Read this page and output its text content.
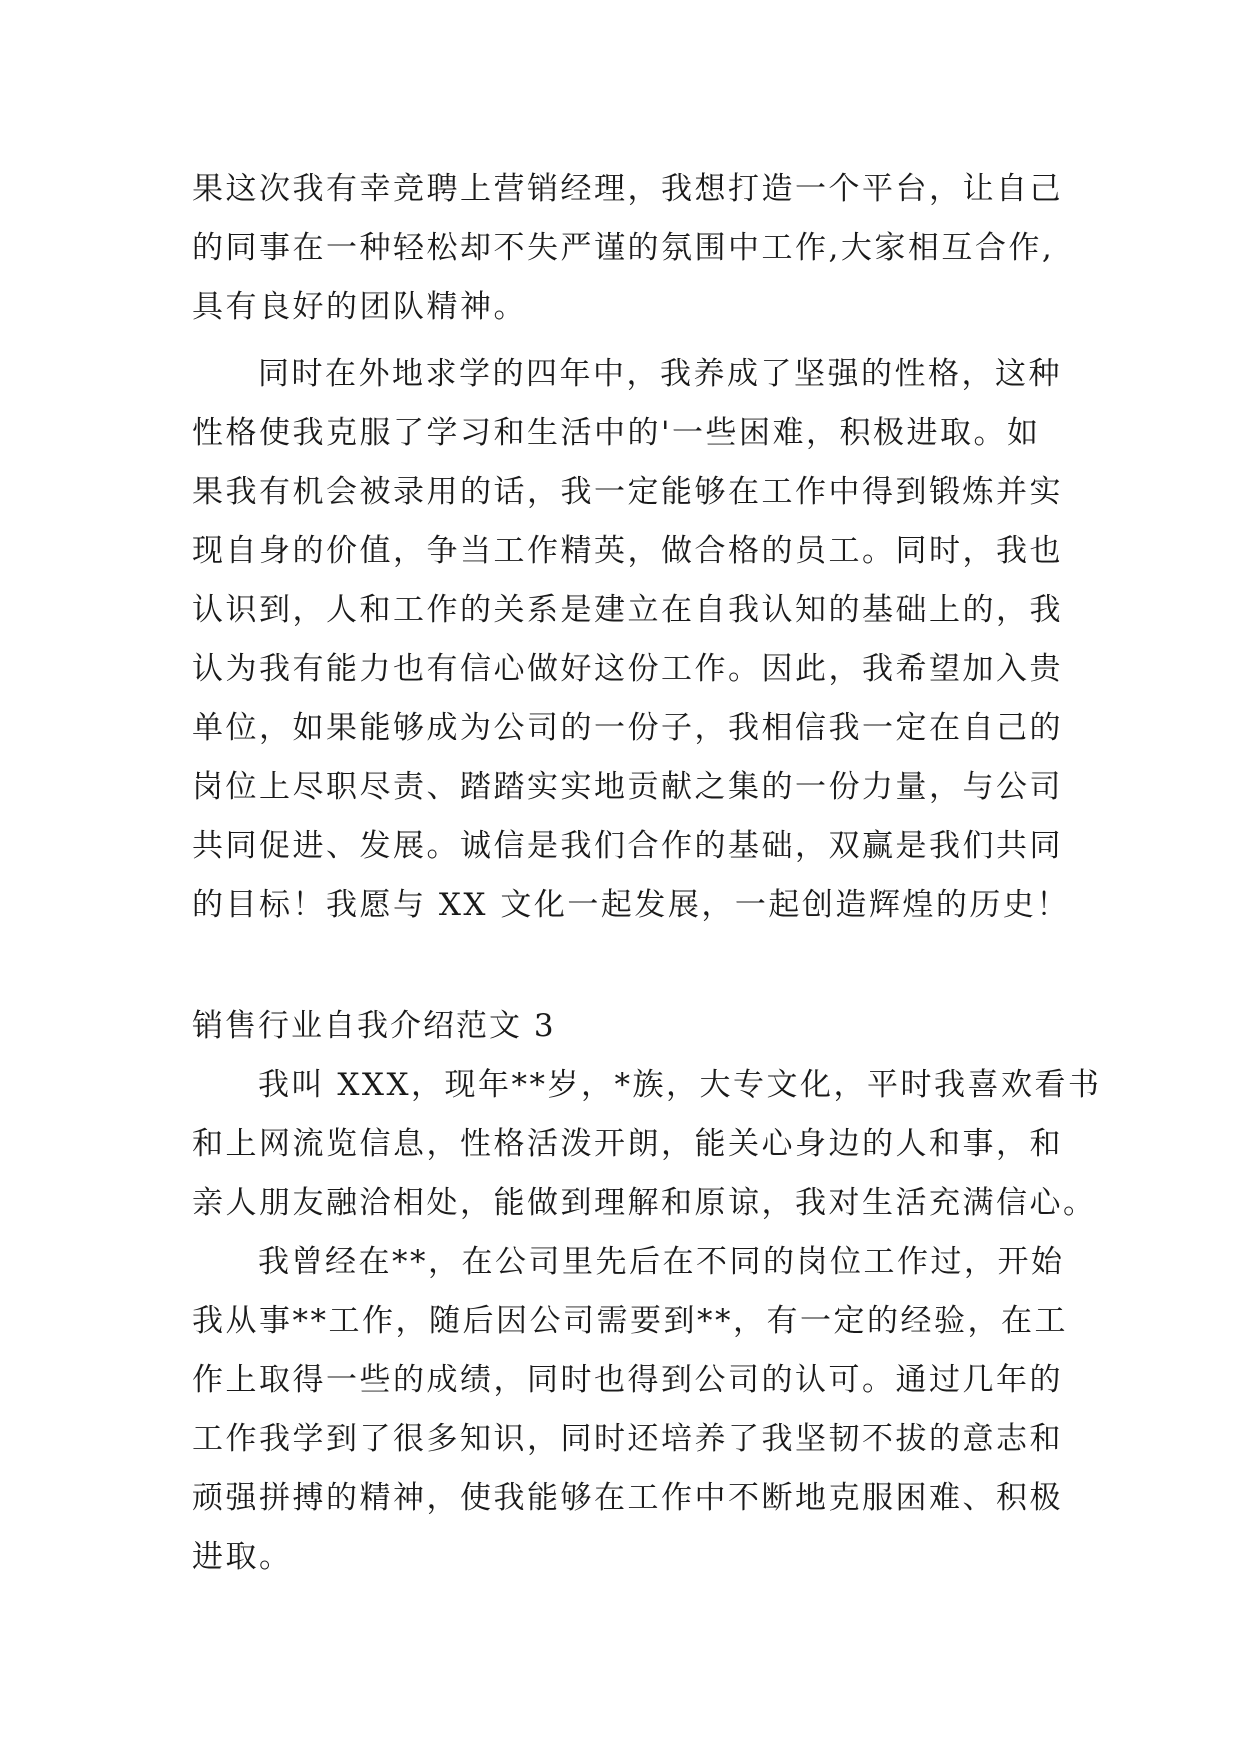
果这次我有幸竞聘上营销经理，我想打造一个平台，让自己
的同事在一种轻松却不失严谨的氛围中工作,大家相互合作,
具有良好的团队精神。
同时在外地求学的四年中，我养成了坚强的性格，这种
性格使我克服了学习和生活中的'一些困难，积极进取。如
果我有机会被录用的话，我一定能够在工作中得到锻炼并实
现自身的价值，争当工作精英，做合格的员工。同时，我也
认识到，人和工作的关系是建立在自我认知的基础上的，我
认为我有能力也有信心做好这份工作。因此，我希望加入贵
单位，如果能够成为公司的一份子，我相信我一定在自己的
岗位上尽职尽责、踏踏实实地贡献之集的一份力量，与公司
共同促进、发展。诚信是我们合作的基础，双赢是我们共同
的目标！我愿与 XX 文化一起发展，一起创造辉煌的历史！
销售行业自我介绍范文 3
我叫 XXX，现年**岁，*族，大专文化，平时我喜欢看书
和上网流览信息，性格活泼开朗，能关心身边的人和事，和
亲人朋友融洽相处，能做到理解和原谅，我对生活充满信心。
我曾经在**，在公司里先后在不同的岗位工作过，开始
我从事**工作，随后因公司需要到**，有一定的经验，在工
作上取得一些的成绩，同时也得到公司的认可。通过几年的
工作我学到了很多知识，同时还培养了我坚韧不拔的意志和
顽强拼搏的精神，使我能够在工作中不断地克服困难、积极
进取。
